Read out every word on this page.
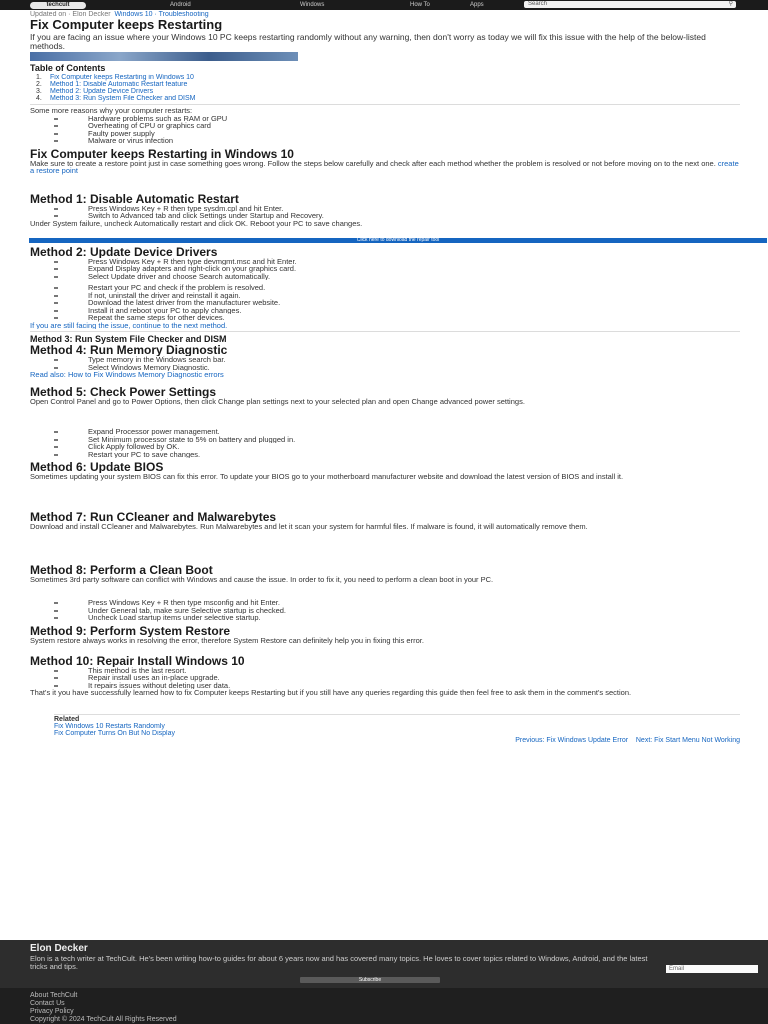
techcult	Android	Windows	How To	Apps	Search	⚲
Updated on · Elon Decker Windows 10 · Troubleshooting
Fix Computer keeps Restarting
If you are facing an issue where your Windows 10 PC keeps restarting randomly without any warning, then don't worry as today we will fix this issue with the help of the below-listed methods.
Table of Contents
1. Fix Computer keeps Restarting in Windows 10
2. Method 1: Disable Automatic Restart feature
3. Method 2: Update Device Drivers
4. Method 3: Run System File Checker and DISM
Some more reasons why your computer restarts:
Hardware problems such as RAM or GPU
Overheating of CPU or graphics card
Faulty power supply
Malware or virus infection
Fix Computer keeps Restarting in Windows 10
Make sure to create a restore point just in case something goes wrong. Follow the steps below carefully and check after each method whether the problem is resolved or not before moving on to the next one. create a restore point
Method 1: Disable Automatic Restart
Press Windows Key + R then type sysdm.cpl and hit Enter.
Switch to Advanced tab and click Settings under Startup and Recovery.
Under System failure, uncheck Automatically restart and click OK. Reboot your PC to save changes.
Click here to download the repair tool
Method 2: Update Device Drivers
Press Windows Key + R then type devmgmt.msc and hit Enter.
Expand Display adapters and right-click on your graphics card.
Select Update driver and choose Search automatically.
Restart your PC and check if the problem is resolved.
If not, uninstall the driver and reinstall it again.
Download the latest driver from the manufacturer website.
Install it and reboot your PC to apply changes.
Repeat the same steps for other devices.
If you are still facing the issue, continue to the next method.
Method 3: Run System File Checker and DISM
Method 4: Run Memory Diagnostic
Type memory in the Windows search bar.
Select Windows Memory Diagnostic.
Read also: How to Fix Windows Memory Diagnostic errors
Method 5: Check Power Settings
Open Control Panel and go to Power Options, then click Change plan settings next to your selected plan and open Change advanced power settings.
Expand Processor power management.
Set Minimum processor state to 5% on battery and plugged in.
Click Apply followed by OK.
Restart your PC to save changes.
Method 6: Update BIOS
Sometimes updating your system BIOS can fix this error. To update your BIOS go to your motherboard manufacturer website and download the latest version of BIOS and install it.
Method 7: Run CCleaner and Malwarebytes
Download and install CCleaner and Malwarebytes. Run Malwarebytes and let it scan your system for harmful files. If malware is found, it will automatically remove them.
Method 8: Perform a Clean Boot
Sometimes 3rd party software can conflict with Windows and cause the issue. In order to fix it, you need to perform a clean boot in your PC.
Press Windows Key + R then type msconfig and hit Enter.
Under General tab, make sure Selective startup is checked.
Uncheck Load startup items under selective startup.
Method 9: Perform System Restore
System restore always works in resolving the error, therefore System Restore can definitely help you in fixing this error.
Method 10: Repair Install Windows 10
This method is the last resort.
Repair install uses an in-place upgrade.
It repairs issues without deleting user data.
That's it you have successfully learned how to fix Computer keeps Restarting but if you still have any queries regarding this guide then feel free to ask them in the comment's section.
Related
Fix Windows 10 Restarts Randomly
Fix Computer Turns On But No Display
Previous: Fix Windows Update Error Next: Fix Start Menu Not Working
Elon Decker
Elon is a tech writer at TechCult. He's been writing how-to guides for about 6 years now and has covered many topics. He loves to cover topics related to Windows, Android, and the latest tricks and tips.	Email
Subscribe
About TechCult
Contact Us
Privacy Policy
Copyright © 2024 TechCult All Rights Reserved
